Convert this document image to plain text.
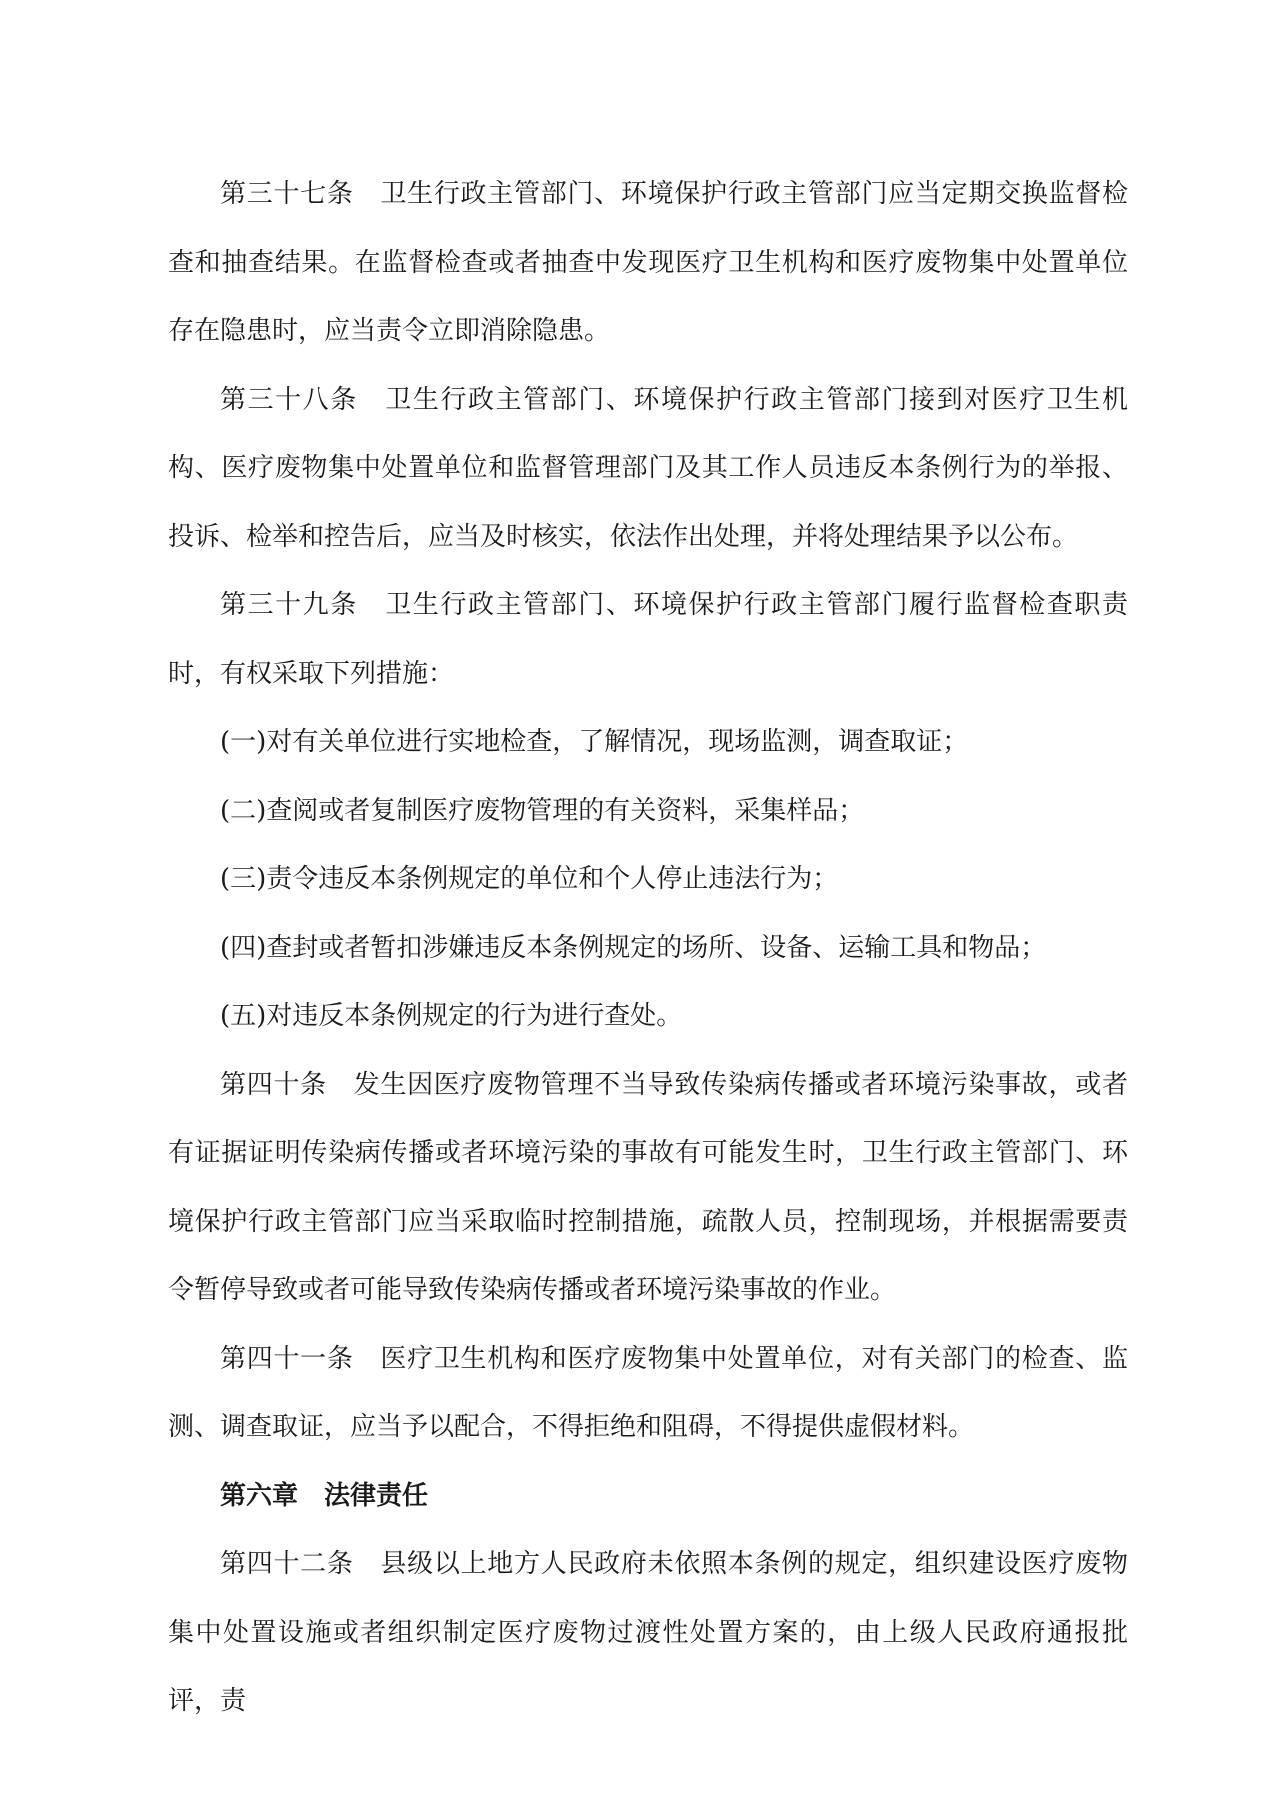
第三十七条 卫生行政主管部门、环境保护行政主管部门应当定期交换监督检查和抽查结果。在监督检查或者抽查中发现医疗卫生机构和医疗废物集中处置单位存在隐患时，应当责令立即消除隐患。

第三十八条 卫生行政主管部门、环境保护行政主管部门接到对医疗卫生机构、医疗废物集中处置单位和监督管理部门及其工作人员违反本条例行为的举报、投诉、检举和控告后，应当及时核实，依法作出处理，并将处理结果予以公布。

第三十九条 卫生行政主管部门、环境保护行政主管部门履行监督检查职责时，有权采取下列措施：

(一)对有关单位进行实地检查，了解情况，现场监测，调查取证；

(二)查阅或者复制医疗废物管理的有关资料，采集样品；

(三)责令违反本条例规定的单位和个人停止违法行为；

(四)查封或者暂扣涉嫌违反本条例规定的场所、设备、运输工具和物品；

(五)对违反本条例规定的行为进行查处。

第四十条 发生因医疗废物管理不当导致传染病传播或者环境污染事故，或者有证据证明传染病传播或者环境污染的事故有可能发生时，卫生行政主管部门、环境保护行政主管部门应当采取临时控制措施，疏散人员，控制现场，并根据需要责令暂停导致或者可能导致传染病传播或者环境污染事故的作业。

第四十一条 医疗卫生机构和医疗废物集中处置单位，对有关部门的检查、监测、调查取证，应当予以配合，不得拒绝和阻碍，不得提供虚假材料。

第六章 法律责任

第四十二条 县级以上地方人民政府未依照本条例的规定，组织建设医疗废物集中处置设施或者组织制定医疗废物过渡性处置方案的，由上级人民政府通报批评，责
